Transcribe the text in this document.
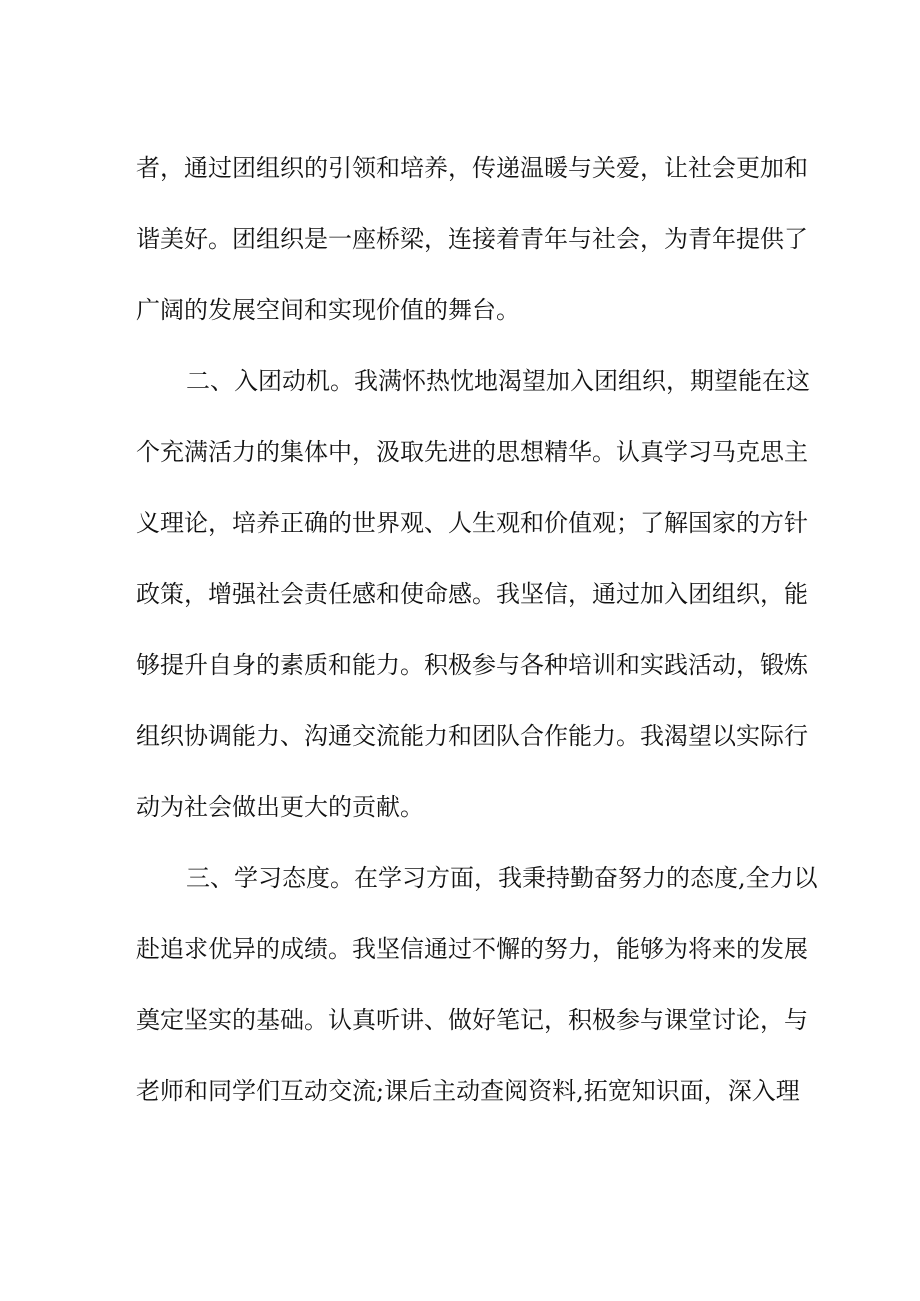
者，通过团组织的引领和培养，传递温暖与关爱，让社会更加和
谐美好。团组织是一座桥梁，连接着青年与社会，为青年提供了
广阔的发展空间和实现价值的舞台。
二、入团动机。我满怀热忱地渴望加入团组织，期望能在这
个充满活力的集体中，汲取先进的思想精华。认真学习马克思主
义理论，培养正确的世界观、人生观和价值观；了解国家的方针
政策，增强社会责任感和使命感。我坚信，通过加入团组织，能
够提升自身的素质和能力。积极参与各种培训和实践活动，锻炼
组织协调能力、沟通交流能力和团队合作能力。我渴望以实际行
动为社会做出更大的贡献。
三、学习态度。在学习方面，我秉持勤奋努力的态度,全力以
赴追求优异的成绩。我坚信通过不懈的努力，能够为将来的发展
奠定坚实的基础。认真听讲、做好笔记，积极参与课堂讨论，与
老师和同学们互动交流;课后主动查阅资料,拓宽知识面，深入理
